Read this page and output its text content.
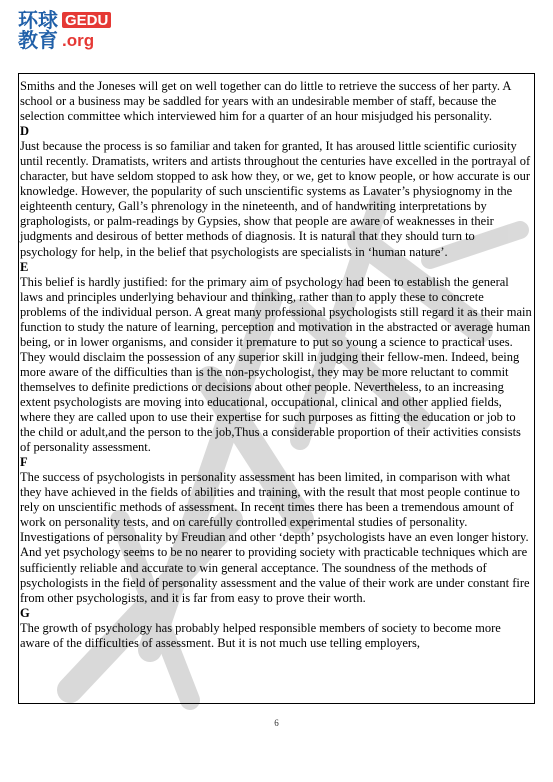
环球 GEDU
教育 .org

Smiths and the Joneses will get on well together can do little to retrieve the success of her party. A school or a business may be saddled for years with an undesirable member of staff, because the selection committee which interviewed him for a quarter of an hour misjudged his personality.

D

Just because the process is so familiar and taken for granted, It has aroused little scientific curiosity until recently. Dramatists, writers and artists throughout the centuries have excelled in the portrayal of character, but have seldom stopped to ask how they, or we, get to know people, or how accurate is our knowledge. However, the popularity of such unscientific systems as Lavater’s physiognomy in the eighteenth century, Gall’s phrenology in the nineteenth, and of handwriting interpretations by graphologists, or palm-readings by Gypsies, show that people are aware of weaknesses in their judgments and desirous of better methods of diagnosis. It is natural that they should turn to psychology for help, in the belief that psychologists are specialists in ‘human nature’.

E

This belief is hardly justified: for the primary aim of psychology had been to establish the general laws and principles underlying behaviour and thinking, rather than to apply these to concrete problems of the individual person. A great many professional psychologists still regard it as their main function to study the nature of learning, perception and motivation in the abstracted or average human being, or in lower organisms, and consider it premature to put so young a science to practical uses. They would disclaim the possession of any superior skill in judging their fellow-men. Indeed, being more aware of the difficulties than is the non-psychologist, they may be more reluctant to commit themselves to definite predictions or decisions about other people. Nevertheless, to an increasing extent psychologists are moving into educational, occupational, clinical and other applied fields, where they are called upon to use their expertise for such purposes as fitting the education or job to the child or adult,and the person to the job,Thus a considerable proportion of their activities consists of personality assessment.

F

The success of psychologists in personality assessment has been limited, in comparison with what they have achieved in the fields of abilities and training, with the result that most people continue to rely on unscientific methods of assessment. In recent times there has been a tremendous amount of work on personality tests, and on carefully controlled experimental studies of personality. Investigations of personality by Freudian and other ‘depth’ psychologists have an even longer history. And yet psychology seems to be no nearer to providing society with practicable techniques which are sufficiently reliable and accurate to win general acceptance. The soundness of the methods of psychologists in the field of personality assessment and the value of their work are under constant fire from other psychologists, and it is far from easy to prove their worth.

G

The growth of psychology has probably helped responsible members of society to become more aware of the difficulties of assessment. But it is not much use telling employers,

6
